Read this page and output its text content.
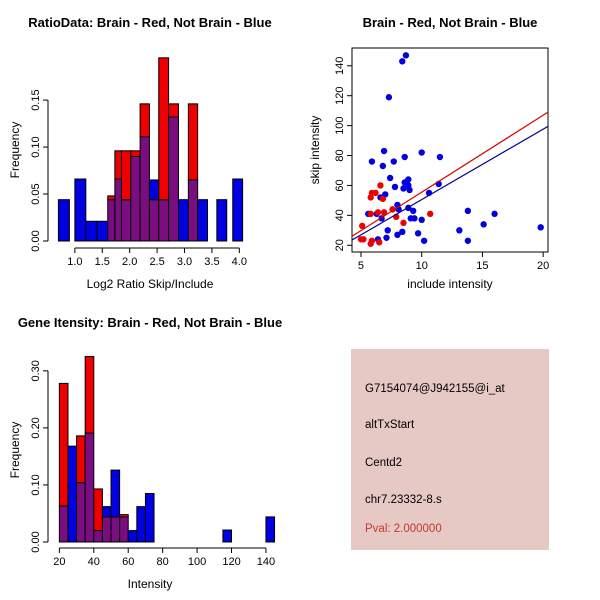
RatioData: Brain - Red, Not Brain - Blue
Frequency
Log2 Ratio Skip/Include
1.0 1.5 2.0 2.5 3.0 3.5 4.0
0.00
0.05
0.10
0.15
Brain - Red, Not Brain - Blue
skip intensity
include intensity
5	10	15	20
20
40
60
80
100
120
140
Gene Itensity: Brain - Red, Not Brain - Blue
Frequency
Intensity
20 40 60 80 100 120 140
0.00
0.10
0.20
0.30
G7154074@J942155@i_at
altTxStart
Centd2
chr7.23332-8.s
Pval: 2.000000
